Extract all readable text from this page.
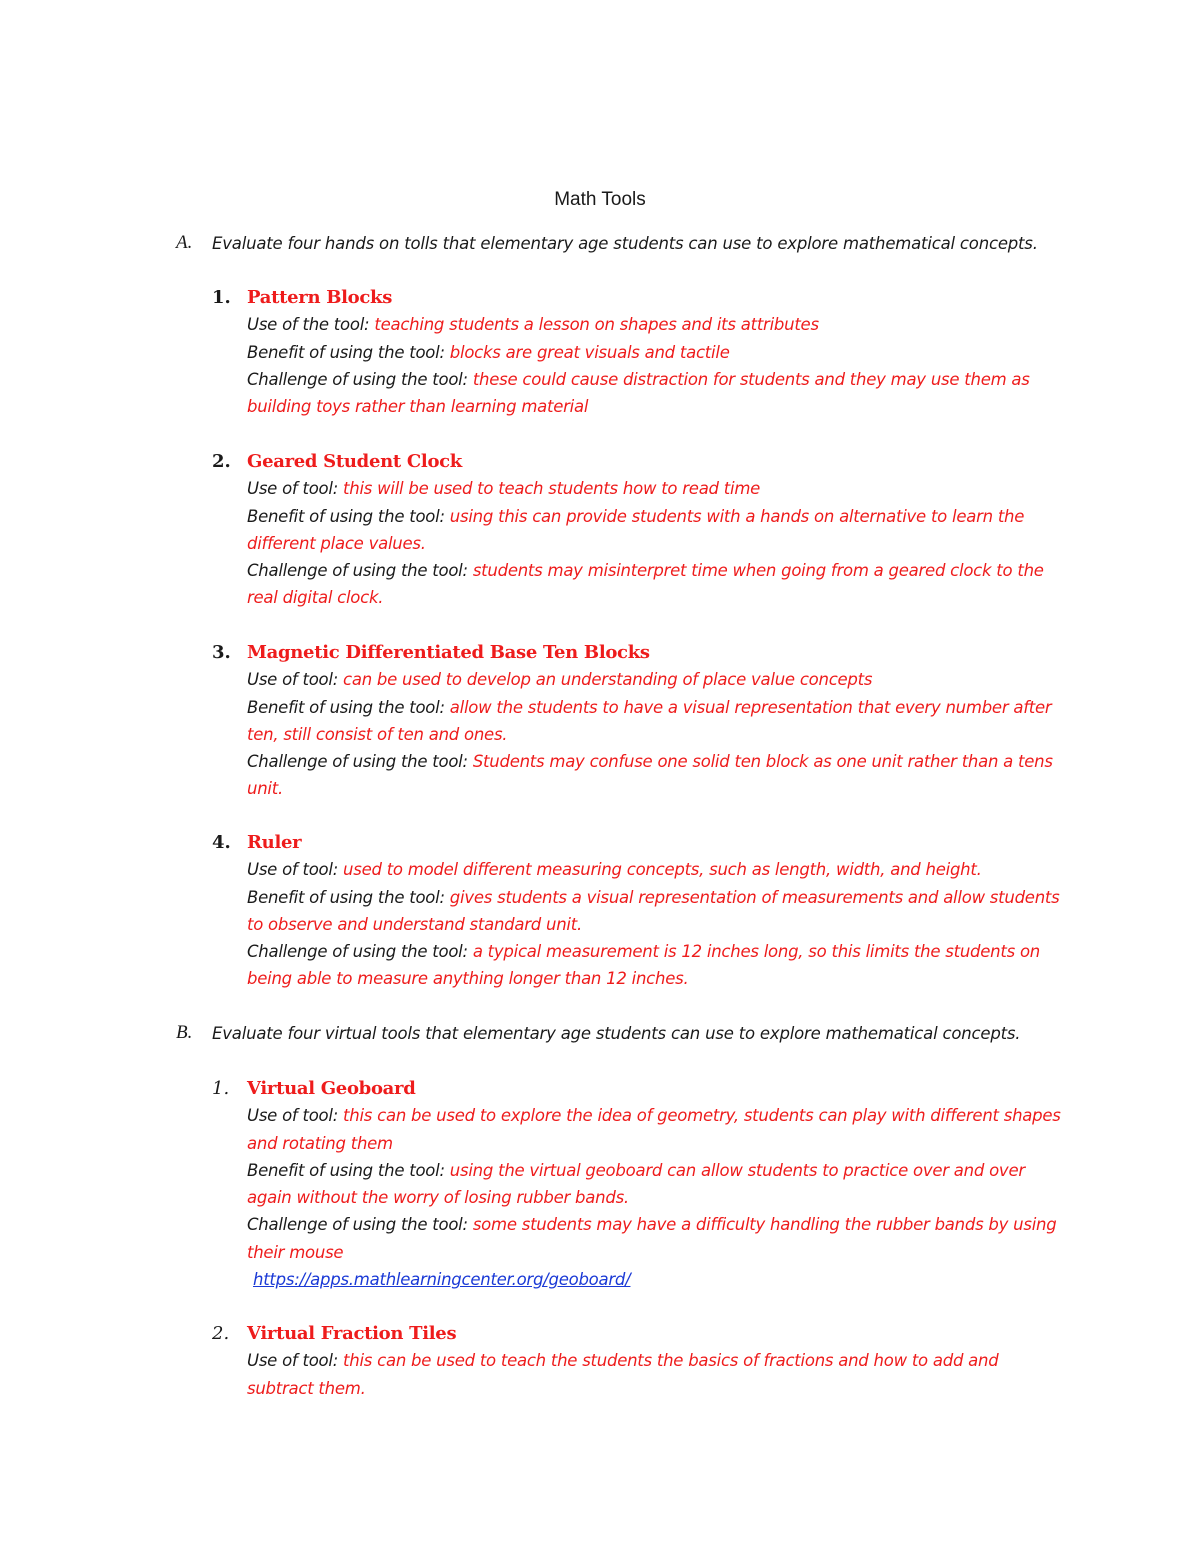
Math Tools
A. Evaluate four hands on tolls that elementary age students can use to explore mathematical concepts.
1. Pattern Blocks
Use of the tool: teaching students a lesson on shapes and its attributes
Benefit of using the tool: blocks are great visuals and tactile
Challenge of using the tool: these could cause distraction for students and they may use them as building toys rather than learning material
2. Geared Student Clock
Use of tool: this will be used to teach students how to read time
Benefit of using the tool: using this can provide students with a hands on alternative to learn the different place values.
Challenge of using the tool: students may misinterpret time when going from a geared clock to the real digital clock.
3. Magnetic Differentiated Base Ten Blocks
Use of tool: can be used to develop an understanding of place value concepts
Benefit of using the tool: allow the students to have a visual representation that every number after ten, still consist of ten and ones.
Challenge of using the tool: Students may confuse one solid ten block as one unit rather than a tens unit.
4. Ruler
Use of tool: used to model different measuring concepts, such as length, width, and height.
Benefit of using the tool: gives students a visual representation of measurements and allow students to observe and understand standard unit.
Challenge of using the tool: a typical measurement is 12 inches long, so this limits the students on being able to measure anything longer than 12 inches.
B. Evaluate four virtual tools that elementary age students can use to explore mathematical concepts.
1. Virtual Geoboard
Use of tool: this can be used to explore the idea of geometry, students can play with different shapes and rotating them
Benefit of using the tool: using the virtual geoboard can allow students to practice over and over again without the worry of losing rubber bands.
Challenge of using the tool: some students may have a difficulty handling the rubber bands by using their mouse
https://apps.mathlearningcenter.org/geoboard/
2. Virtual Fraction Tiles
Use of tool: this can be used to teach the students the basics of fractions and how to add and subtract them.
